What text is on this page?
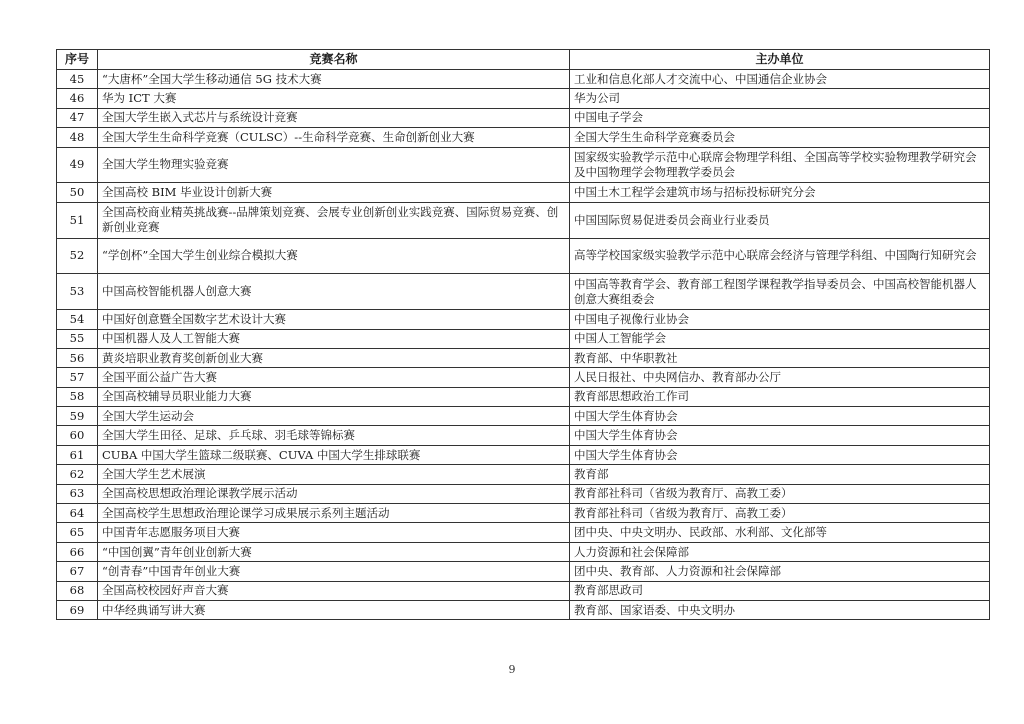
序号	竞赛名称	主办单位
45	“大唐杯”全国大学生移动通信 5G 技术大赛	工业和信息化部人才交流中心、中国通信企业协会
46	华为 ICT 大赛	华为公司
47	全国大学生嵌入式芯片与系统设计竞赛	中国电子学会
48	全国大学生生命科学竞赛（CULSC）--生命科学竞赛、生命创新创业大赛	全国大学生生命科学竞赛委员会
49	全国大学生物理实验竞赛	国家级实验教学示范中心联席会物理学科组、全国高等学校实验物理教学研究会及中国物理学会物理教学委员会
50	全国高校 BIM 毕业设计创新大赛	中国土木工程学会建筑市场与招标投标研究分会
51	全国高校商业精英挑战赛--品牌策划竞赛、会展专业创新创业实践竞赛、国际贸易竞赛、创新创业竞赛	中国国际贸易促进委员会商业行业委员
52	“学创杯”全国大学生创业综合模拟大赛	高等学校国家级实验教学示范中心联席会经济与管理学科组、中国陶行知研究会
53	中国高校智能机器人创意大赛	中国高等教育学会、教育部工程图学课程教学指导委员会、中国高校智能机器人创意大赛组委会
54	中国好创意暨全国数字艺术设计大赛	中国电子视像行业协会
55	中国机器人及人工智能大赛	中国人工智能学会
56	黄炎培职业教育奖创新创业大赛	教育部、中华职教社
57	全国平面公益广告大赛	人民日报社、中央网信办、教育部办公厅
58	全国高校辅导员职业能力大赛	教育部思想政治工作司
59	全国大学生运动会	中国大学生体育协会
60	全国大学生田径、足球、乒乓球、羽毛球等锦标赛	中国大学生体育协会
61	CUBA 中国大学生篮球二级联赛、CUVA 中国大学生排球联赛	中国大学生体育协会
62	全国大学生艺术展演	教育部
63	全国高校思想政治理论课教学展示活动	教育部社科司（省级为教育厅、高教工委）
64	全国高校学生思想政治理论课学习成果展示系列主题活动	教育部社科司（省级为教育厅、高教工委）
65	中国青年志愿服务项目大赛	团中央、中央文明办、民政部、水利部、文化部等
66	“中国创翼”青年创业创新大赛	人力资源和社会保障部
67	“创青春”中国青年创业大赛	团中央、教育部、人力资源和社会保障部
68	全国高校校园好声音大赛	教育部思政司
69	中华经典诵写讲大赛	教育部、国家语委、中央文明办
9
